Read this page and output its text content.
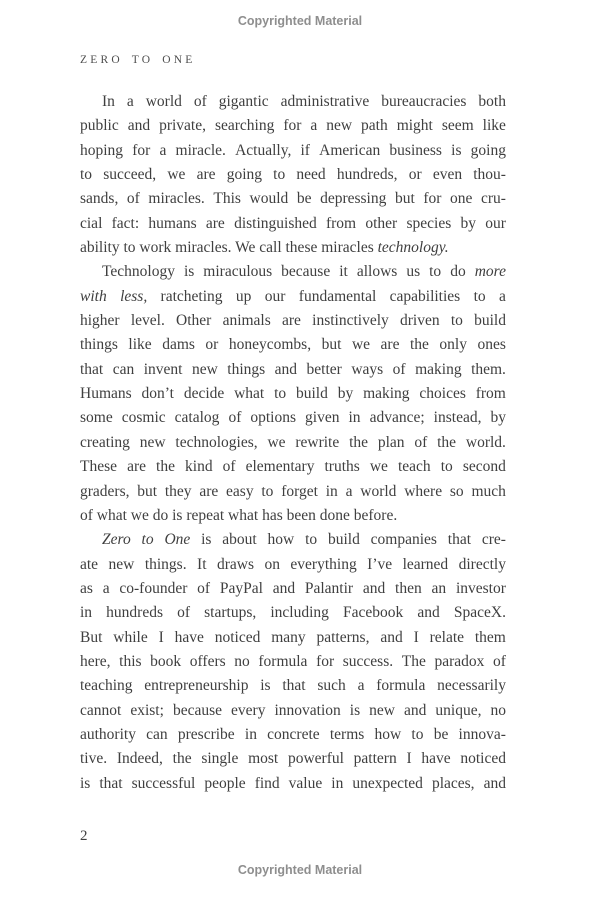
Copyrighted Material
ZERO TO ONE
In a world of gigantic administrative bureaucracies both
public and private, searching for a new path might seem like
hoping for a miracle. Actually, if American business is going
to succeed, we are going to need hundreds, or even thou-
sands, of miracles. This would be depressing but for one cru-
cial fact: humans are distinguished from other species by our
ability to work miracles. We call these miracles technology.
Technology is miraculous because it allows us to do more
with less, ratcheting up our fundamental capabilities to a
higher level. Other animals are instinctively driven to build
things like dams or honeycombs, but we are the only ones
that can invent new things and better ways of making them.
Humans don’t decide what to build by making choices from
some cosmic catalog of options given in advance; instead, by
creating new technologies, we rewrite the plan of the world.
These are the kind of elementary truths we teach to second
graders, but they are easy to forget in a world where so much
of what we do is repeat what has been done before.
Zero to One is about how to build companies that cre-
ate new things. It draws on everything I’ve learned directly
as a co-founder of PayPal and Palantir and then an investor
in hundreds of startups, including Facebook and SpaceX.
But while I have noticed many patterns, and I relate them
here, this book offers no formula for success. The paradox of
teaching entrepreneurship is that such a formula necessarily
cannot exist; because every innovation is new and unique, no
authority can prescribe in concrete terms how to be innova-
tive. Indeed, the single most powerful pattern I have noticed
is that successful people find value in unexpected places, and
2
Copyrighted Material
